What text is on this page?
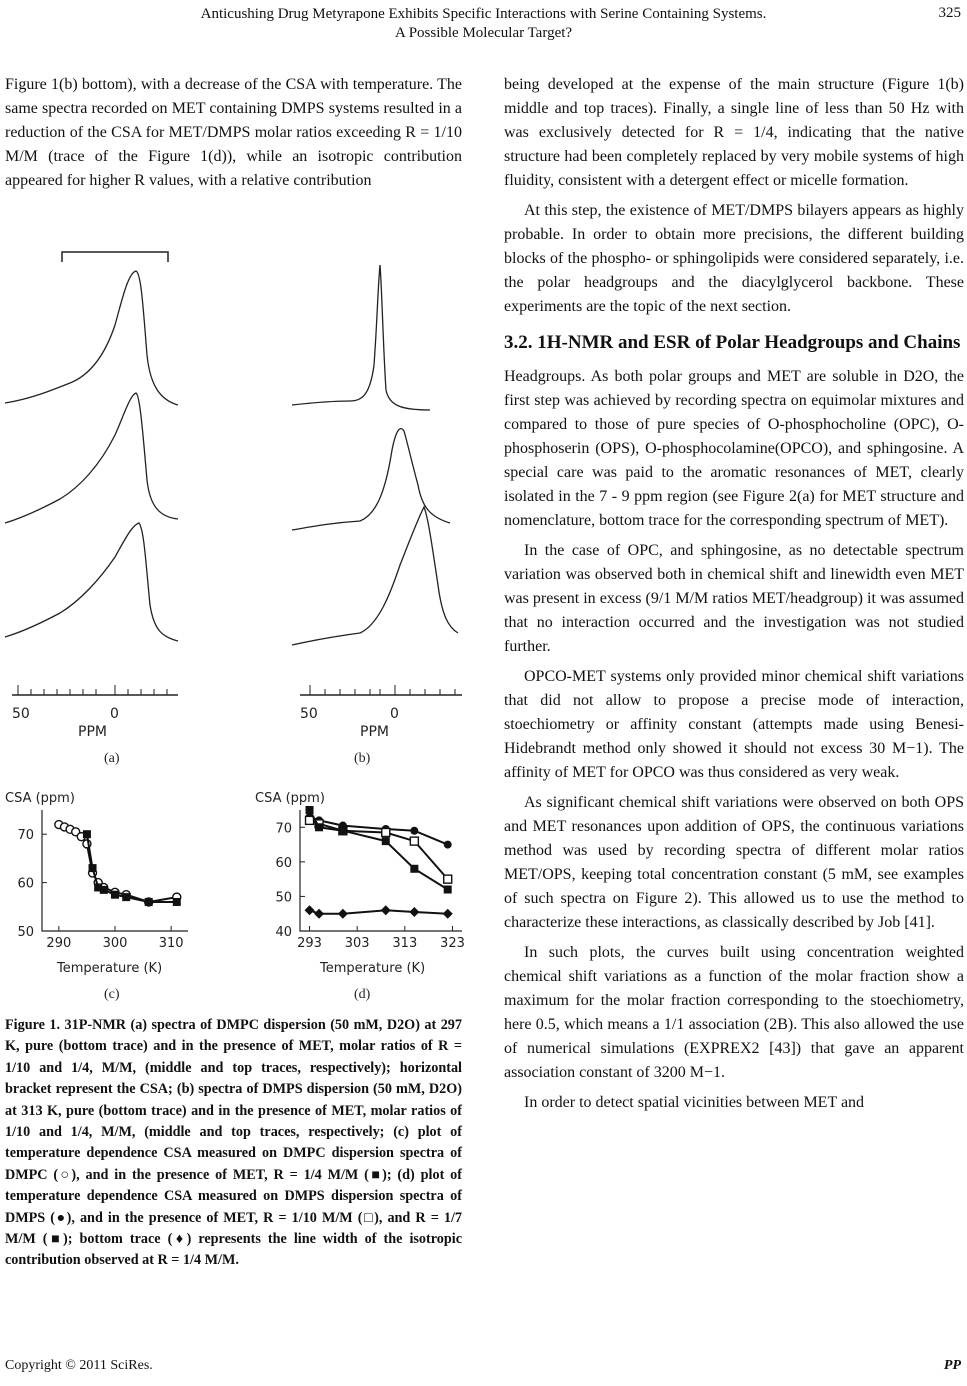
Anticushing Drug Metyrapone Exhibits Specific Interactions with Serine Containing Systems.
A Possible Molecular Target?
325

Figure 1(b) bottom), with a decrease of the CSA with temperature. The same spectra recorded on MET containing DMPS systems resulted in a reduction of the CSA for MET/DMPS molar ratios exceeding R = 1/10 M/M (trace of the Figure 1(d)), while an isotropic contribution appeared for higher R values, with a relative contribution

50	0
PPM
(a)
50	0
PPM
(b)
CSA (ppm)
50
60
70
290 300 310
Temperature (K)
(c)
CSA (ppm)
40
50
60
70
293 303 313 323
Temperature (K)
(d)
Figure 1. 31P-NMR (a) spectra of DMPC dispersion (50 mM, D2O) at 297 K, pure (bottom trace) and in the presence of MET, molar ratios of R = 1/10 and 1/4, M/M, (middle and top traces, respectively); horizontal bracket represent the CSA; (b) spectra of DMPS dispersion (50 mM, D2O) at 313 K, pure (bottom trace) and in the presence of MET, molar ratios of 1/10 and 1/4, M/M, (middle and top traces, respectively; (c) plot of temperature dependence CSA measured on DMPC dispersion spectra of DMPC (○), and in the presence of MET, R = 1/4 M/M (■); (d) plot of temperature dependence CSA measured on DMPS dispersion spectra of DMPS (●), and in the presence of MET, R = 1/10 M/M (□), and R = 1/7 M/M (■); bottom trace (♦) represents the line width of the isotropic contribution observed at R = 1/4 M/M.

being developed at the expense of the main structure (Figure 1(b) middle and top traces). Finally, a single line of less than 50 Hz with was exclusively detected for R = 1/4, indicating that the native structure had been completely replaced by very mobile systems of high fluidity, consistent with a detergent effect or micelle formation.

At this step, the existence of MET/DMPS bilayers appears as highly probable. In order to obtain more precisions, the different building blocks of the phospho- or sphingolipids were considered separately, i.e. the polar headgroups and the diacylglycerol backbone. These experiments are the topic of the next section.

3.2. 1H-NMR and ESR of Polar Headgroups and Chains

Headgroups. As both polar groups and MET are soluble in D2O, the first step was achieved by recording spectra on equimolar mixtures and compared to those of pure species of O-phosphocholine (OPC), O-phosphoserin (OPS), O-phosphocolamine(OPCO), and sphingosine. A special care was paid to the aromatic resonances of MET, clearly isolated in the 7 - 9 ppm region (see Figure 2(a) for MET structure and nomenclature, bottom trace for the corresponding spectrum of MET).

In the case of OPC, and sphingosine, as no detectable spectrum variation was observed both in chemical shift and linewidth even MET was present in excess (9/1 M/M ratios MET/headgroup) it was assumed that no interaction occurred and the investigation was not studied further.

OPCO-MET systems only provided minor chemical shift variations that did not allow to propose a precise mode of interaction, stoechiometry or affinity constant (attempts made using Benesi-Hidebrandt method only showed it should not excess 30 M−1). The affinity of MET for OPCO was thus considered as very weak.

As significant chemical shift variations were observed on both OPS and MET resonances upon addition of OPS, the continuous variations method was used by recording spectra of different molar ratios MET/OPS, keeping total concentration constant (5 mM, see examples of such spectra on Figure 2). This allowed us to use the method to characterize these interactions, as classically described by Job [41].

In such plots, the curves built using concentration weighted chemical shift variations as a function of the molar fraction show a maximum for the molar fraction corresponding to the stoechiometry, here 0.5, which means a 1/1 association (2B). This also allowed the use of numerical simulations (EXPREX2 [43]) that gave an apparent association constant of 3200 M−1.

In order to detect spatial vicinities between MET and

Copyright © 2011 SciRes.	PP
